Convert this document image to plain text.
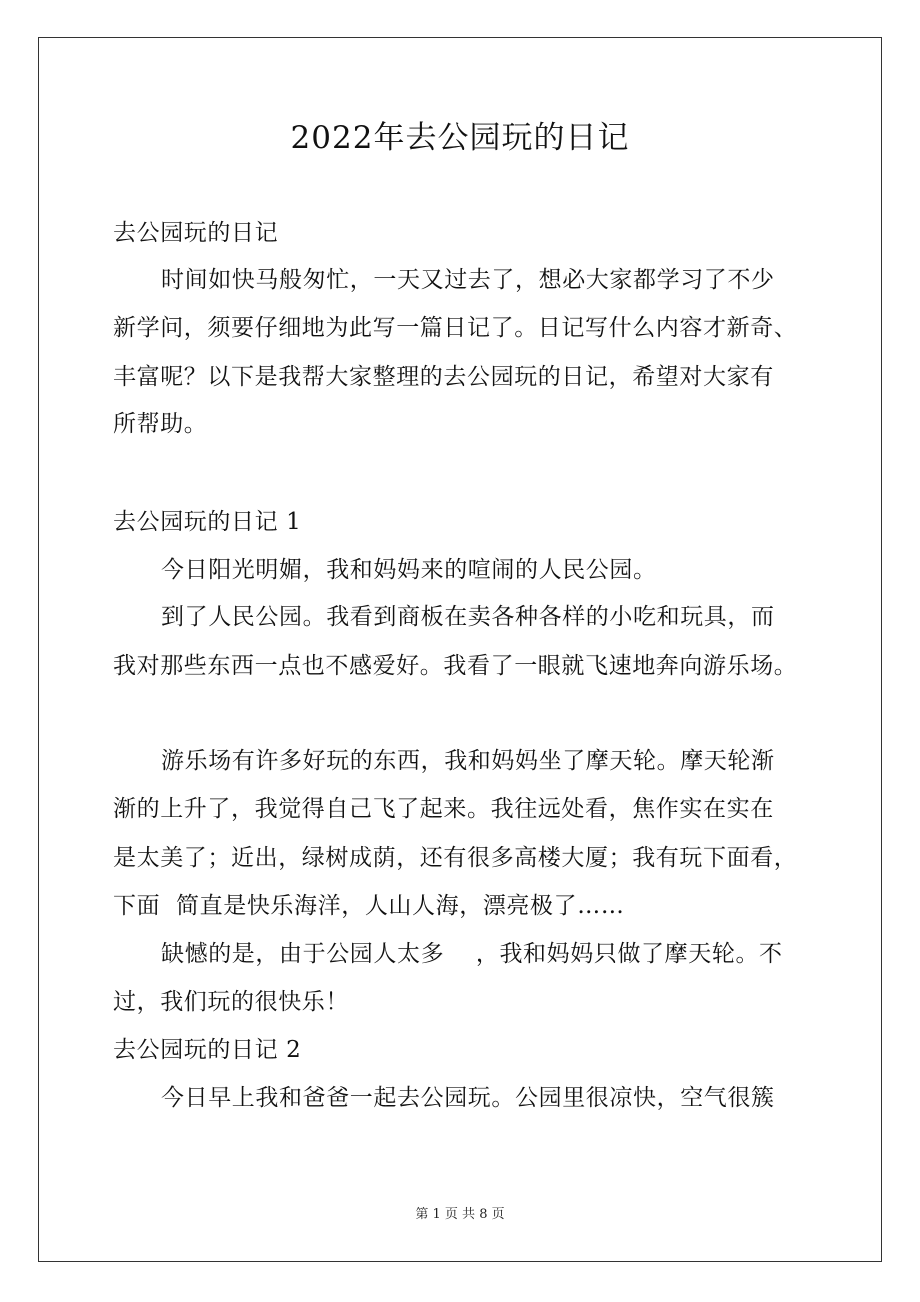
2022年去公园玩的日记
去公园玩的日记
时间如快马般匆忙，一天又过去了，想必大家都学习了不少
新学问，须要仔细地为此写一篇日记了。日记写什么内容才新奇、
丰富呢？以下是我帮大家整理的去公园玩的日记，希望对大家有
所帮助。
去公园玩的日记 1
今日阳光明媚，我和妈妈来的喧闹的人民公园。
到了人民公园。我看到商板在卖各种各样的小吃和玩具，而
我对那些东西一点也不感爱好。我看了一眼就飞速地奔向游乐场。
游乐场有许多好玩的东西，我和妈妈坐了摩天轮。摩天轮渐
渐的上升了，我觉得自己飞了起来。我往远处看，焦作实在实在
是太美了；近出，绿树成荫，还有很多高楼大厦；我有玩下面看，
下面  简直是快乐海洋，人山人海，漂亮极了……
缺憾的是，由于公园人太多    ，我和妈妈只做了摩天轮。不
过，我们玩的很快乐！
去公园玩的日记 2
今日早上我和爸爸一起去公园玩。公园里很凉快，空气很簇
第 1 页 共 8 页
